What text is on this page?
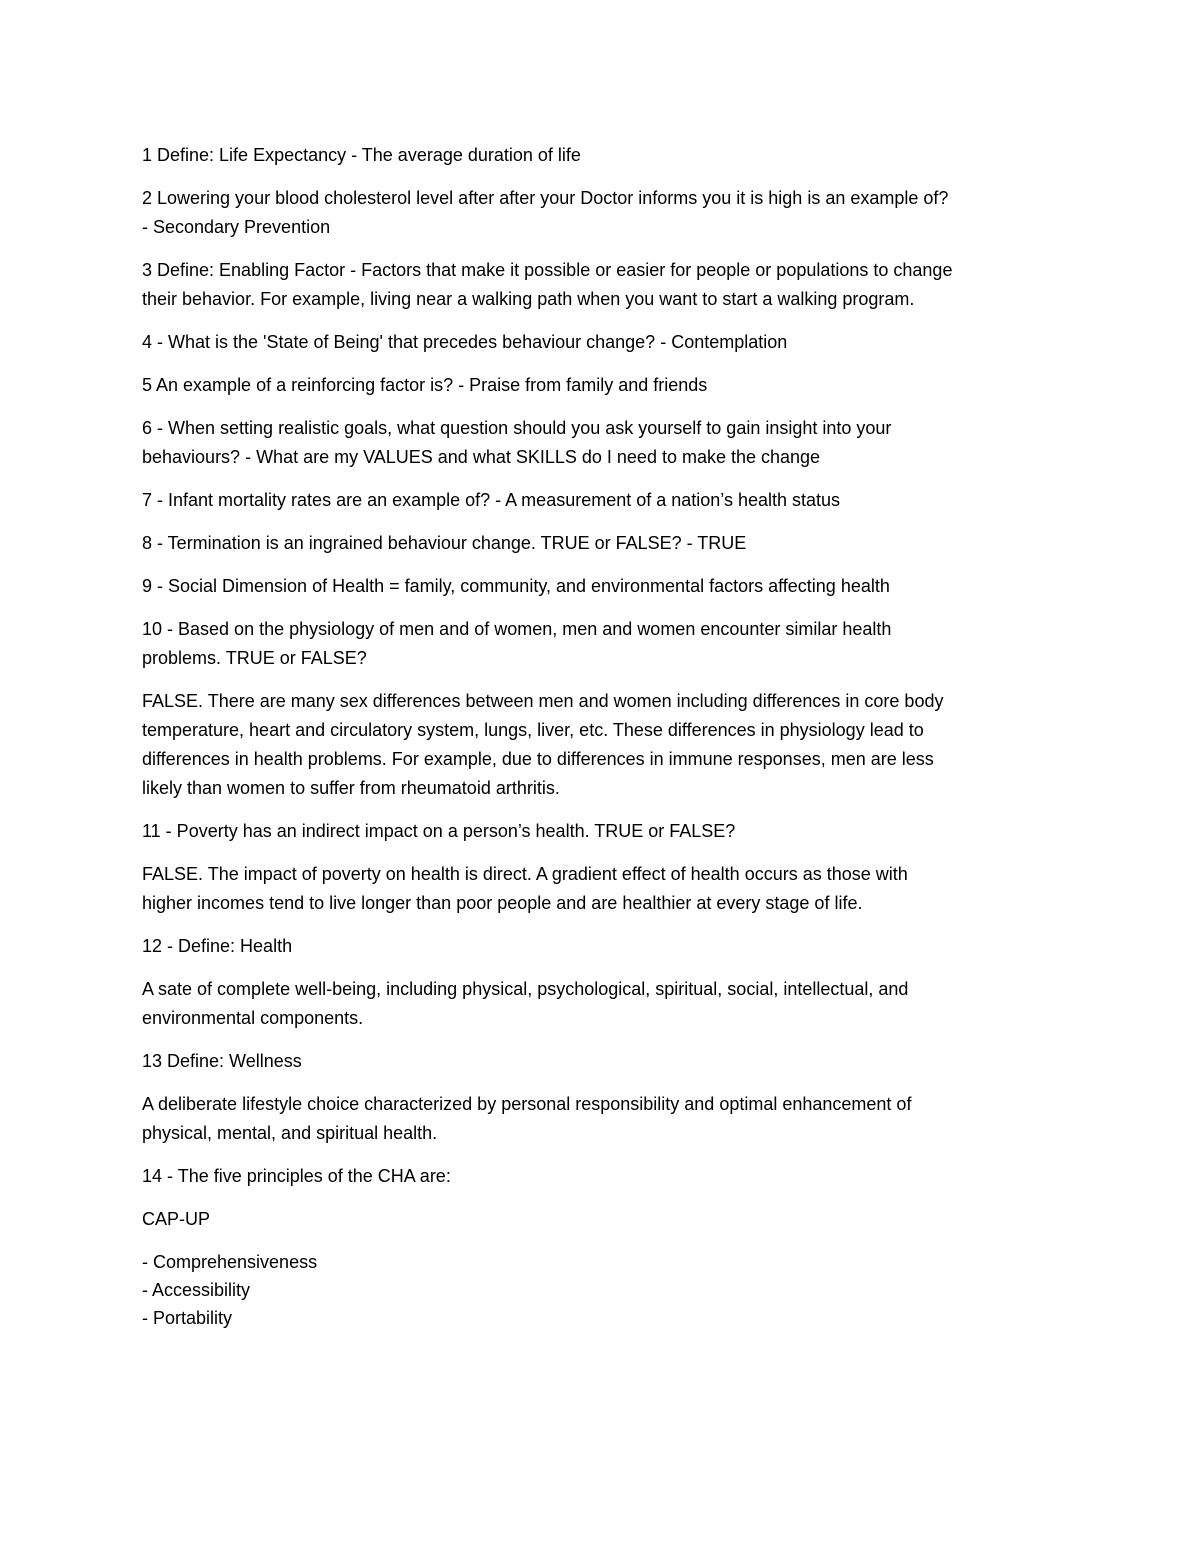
1 Define: Life Expectancy - The average duration of life

2 Lowering your blood cholesterol level after after your Doctor informs you it is high is an example of?
- Secondary Prevention

3 Define: Enabling Factor - Factors that make it possible or easier for people or populations to change
their behavior. For example, living near a walking path when you want to start a walking program.

4 - What is the 'State of Being' that precedes behaviour change? - Contemplation

5 An example of a reinforcing factor is? - Praise from family and friends

6 - When setting realistic goals, what question should you ask yourself to gain insight into your
behaviours? - What are my VALUES and what SKILLS do I need to make the change

7 - Infant mortality rates are an example of? - A measurement of a nation’s health status

8 - Termination is an ingrained behaviour change. TRUE or FALSE? - TRUE

9 - Social Dimension of Health = family, community, and environmental factors affecting health

10 - Based on the physiology of men and of women, men and women encounter similar health
problems. TRUE or FALSE?

FALSE. There are many sex differences between men and women including differences in core body
temperature, heart and circulatory system, lungs, liver, etc. These differences in physiology lead to
differences in health problems. For example, due to differences in immune responses, men are less
likely than women to suffer from rheumatoid arthritis.

11 - Poverty has an indirect impact on a person’s health. TRUE or FALSE?

FALSE. The impact of poverty on health is direct. A gradient effect of health occurs as those with
higher incomes tend to live longer than poor people and are healthier at every stage of life.

12 - Define: Health

A sate of complete well-being, including physical, psychological, spiritual, social, intellectual, and
environmental components.

13 Define: Wellness

A deliberate lifestyle choice characterized by personal responsibility and optimal enhancement of
physical, mental, and spiritual health.

14 - The five principles of the CHA are:

CAP-UP

- Comprehensiveness
- Accessibility
- Portability
